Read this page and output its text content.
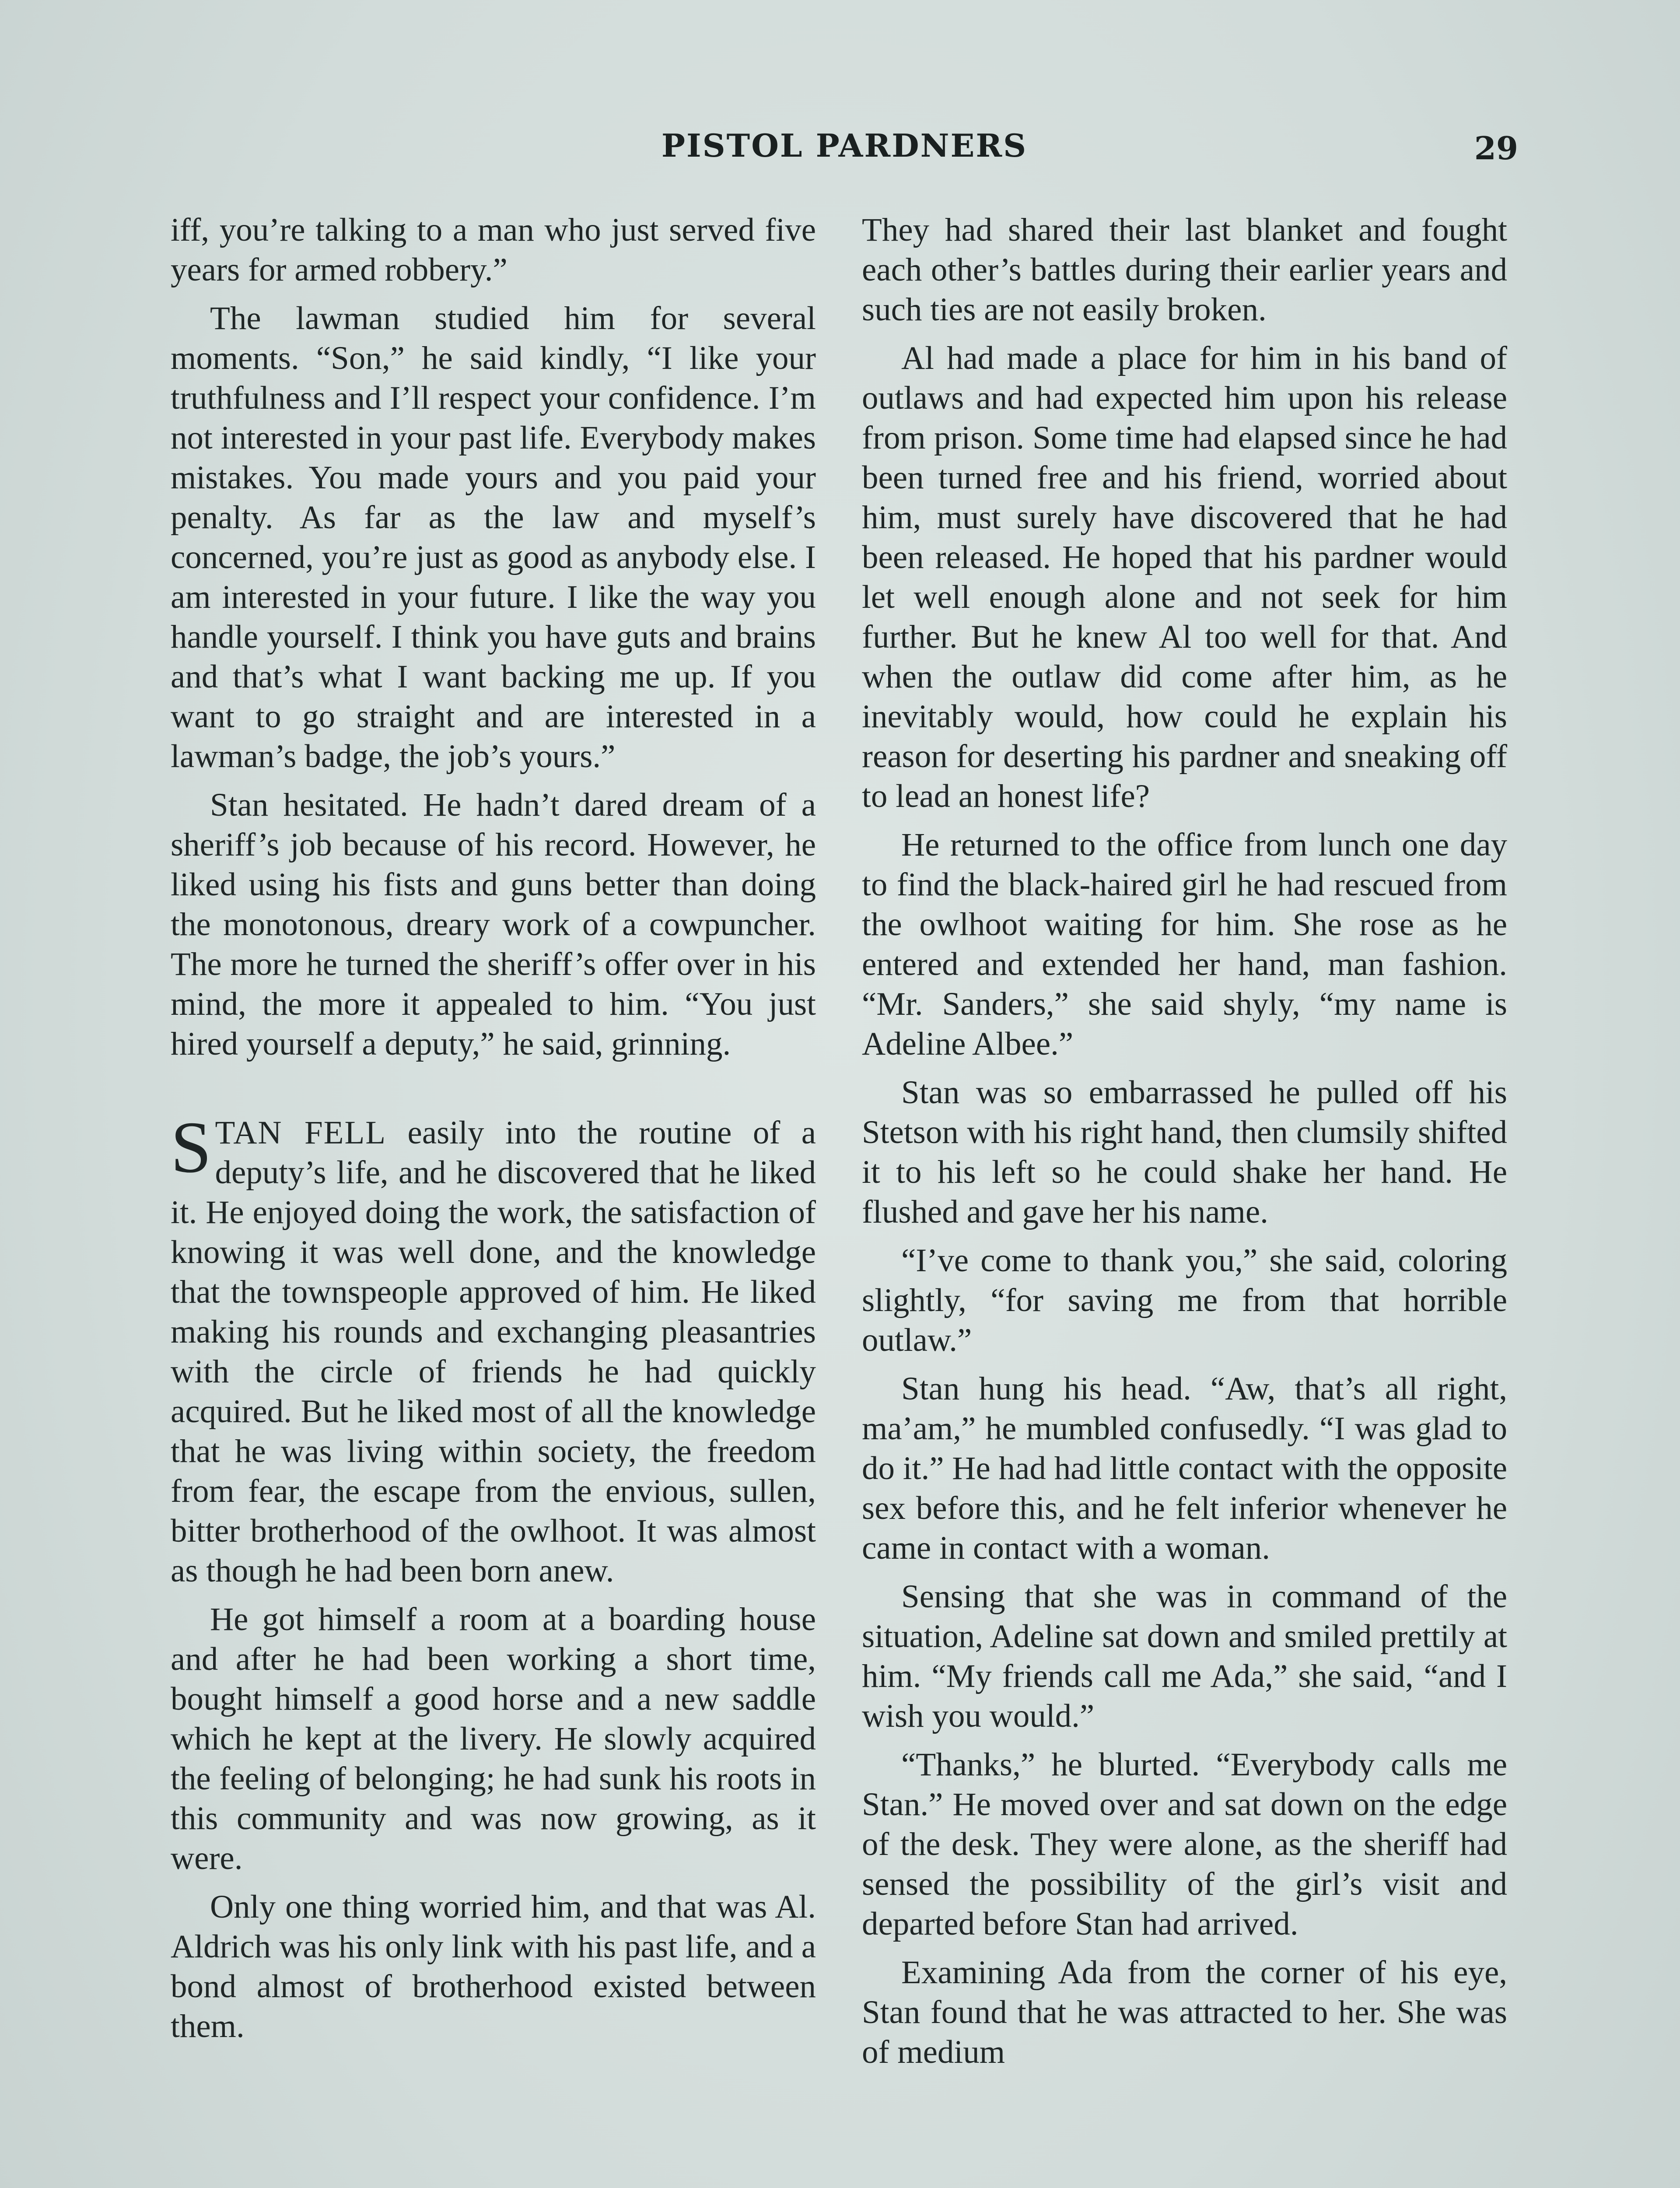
PISTOL PARDNERS	29

iff, you’re talking to a man who just served five years for armed robbery.”

The lawman studied him for several moments. “Son,” he said kindly, “I like your truthfulness and I’ll respect your confidence. I’m not interested in your past life. Everybody makes mistakes. You made yours and you paid your penalty. As far as the law and myself’s concerned, you’re just as good as anybody else. I am interested in your future. I like the way you handle yourself. I think you have guts and brains and that’s what I want backing me up. If you want to go straight and are interested in a lawman’s badge, the job’s yours.”

Stan hesitated. He hadn’t dared dream of a sheriff’s job because of his record. However, he liked using his fists and guns better than doing the monotonous, dreary work of a cowpuncher. The more he turned the sheriff’s offer over in his mind, the more it appealed to him. “You just hired yourself a deputy,” he said, grinning.

STAN FELL easily into the routine of a deputy’s life, and he discovered that he liked it. He enjoyed doing the work, the satisfaction of knowing it was well done, and the knowledge that the townspeople approved of him. He liked making his rounds and exchanging pleasantries with the circle of friends he had quickly acquired. But he liked most of all the knowledge that he was living within society, the freedom from fear, the escape from the envious, sullen, bitter brotherhood of the owlhoot. It was almost as though he had been born anew.

He got himself a room at a boarding house and after he had been working a short time, bought himself a good horse and a new saddle which he kept at the livery. He slowly acquired the feeling of belonging; he had sunk his roots in this community and was now growing, as it were.

Only one thing worried him, and that was Al. Aldrich was his only link with his past life, and a bond almost of brotherhood existed between them.

They had shared their last blanket and fought each other’s battles during their earlier years and such ties are not easily broken.

Al had made a place for him in his band of outlaws and had expected him upon his release from prison. Some time had elapsed since he had been turned free and his friend, worried about him, must surely have discovered that he had been released. He hoped that his pardner would let well enough alone and not seek for him further. But he knew Al too well for that. And when the outlaw did come after him, as he inevitably would, how could he explain his reason for deserting his pardner and sneaking off to lead an honest life?

He returned to the office from lunch one day to find the black-haired girl he had rescued from the owlhoot waiting for him. She rose as he entered and extended her hand, man fashion. “Mr. Sanders,” she said shyly, “my name is Adeline Albee.”

Stan was so embarrassed he pulled off his Stetson with his right hand, then clumsily shifted it to his left so he could shake her hand. He flushed and gave her his name.

“I’ve come to thank you,” she said, coloring slightly, “for saving me from that horrible outlaw.”

Stan hung his head. “Aw, that’s all right, ma’am,” he mumbled confusedly. “I was glad to do it.” He had had little contact with the opposite sex before this, and he felt inferior whenever he came in contact with a woman.

Sensing that she was in command of the situation, Adeline sat down and smiled prettily at him. “My friends call me Ada,” she said, “and I wish you would.”

“Thanks,” he blurted. “Everybody calls me Stan.” He moved over and sat down on the edge of the desk. They were alone, as the sheriff had sensed the possibility of the girl’s visit and departed before Stan had arrived.

Examining Ada from the corner of his eye, Stan found that he was attracted to her. She was of medium
